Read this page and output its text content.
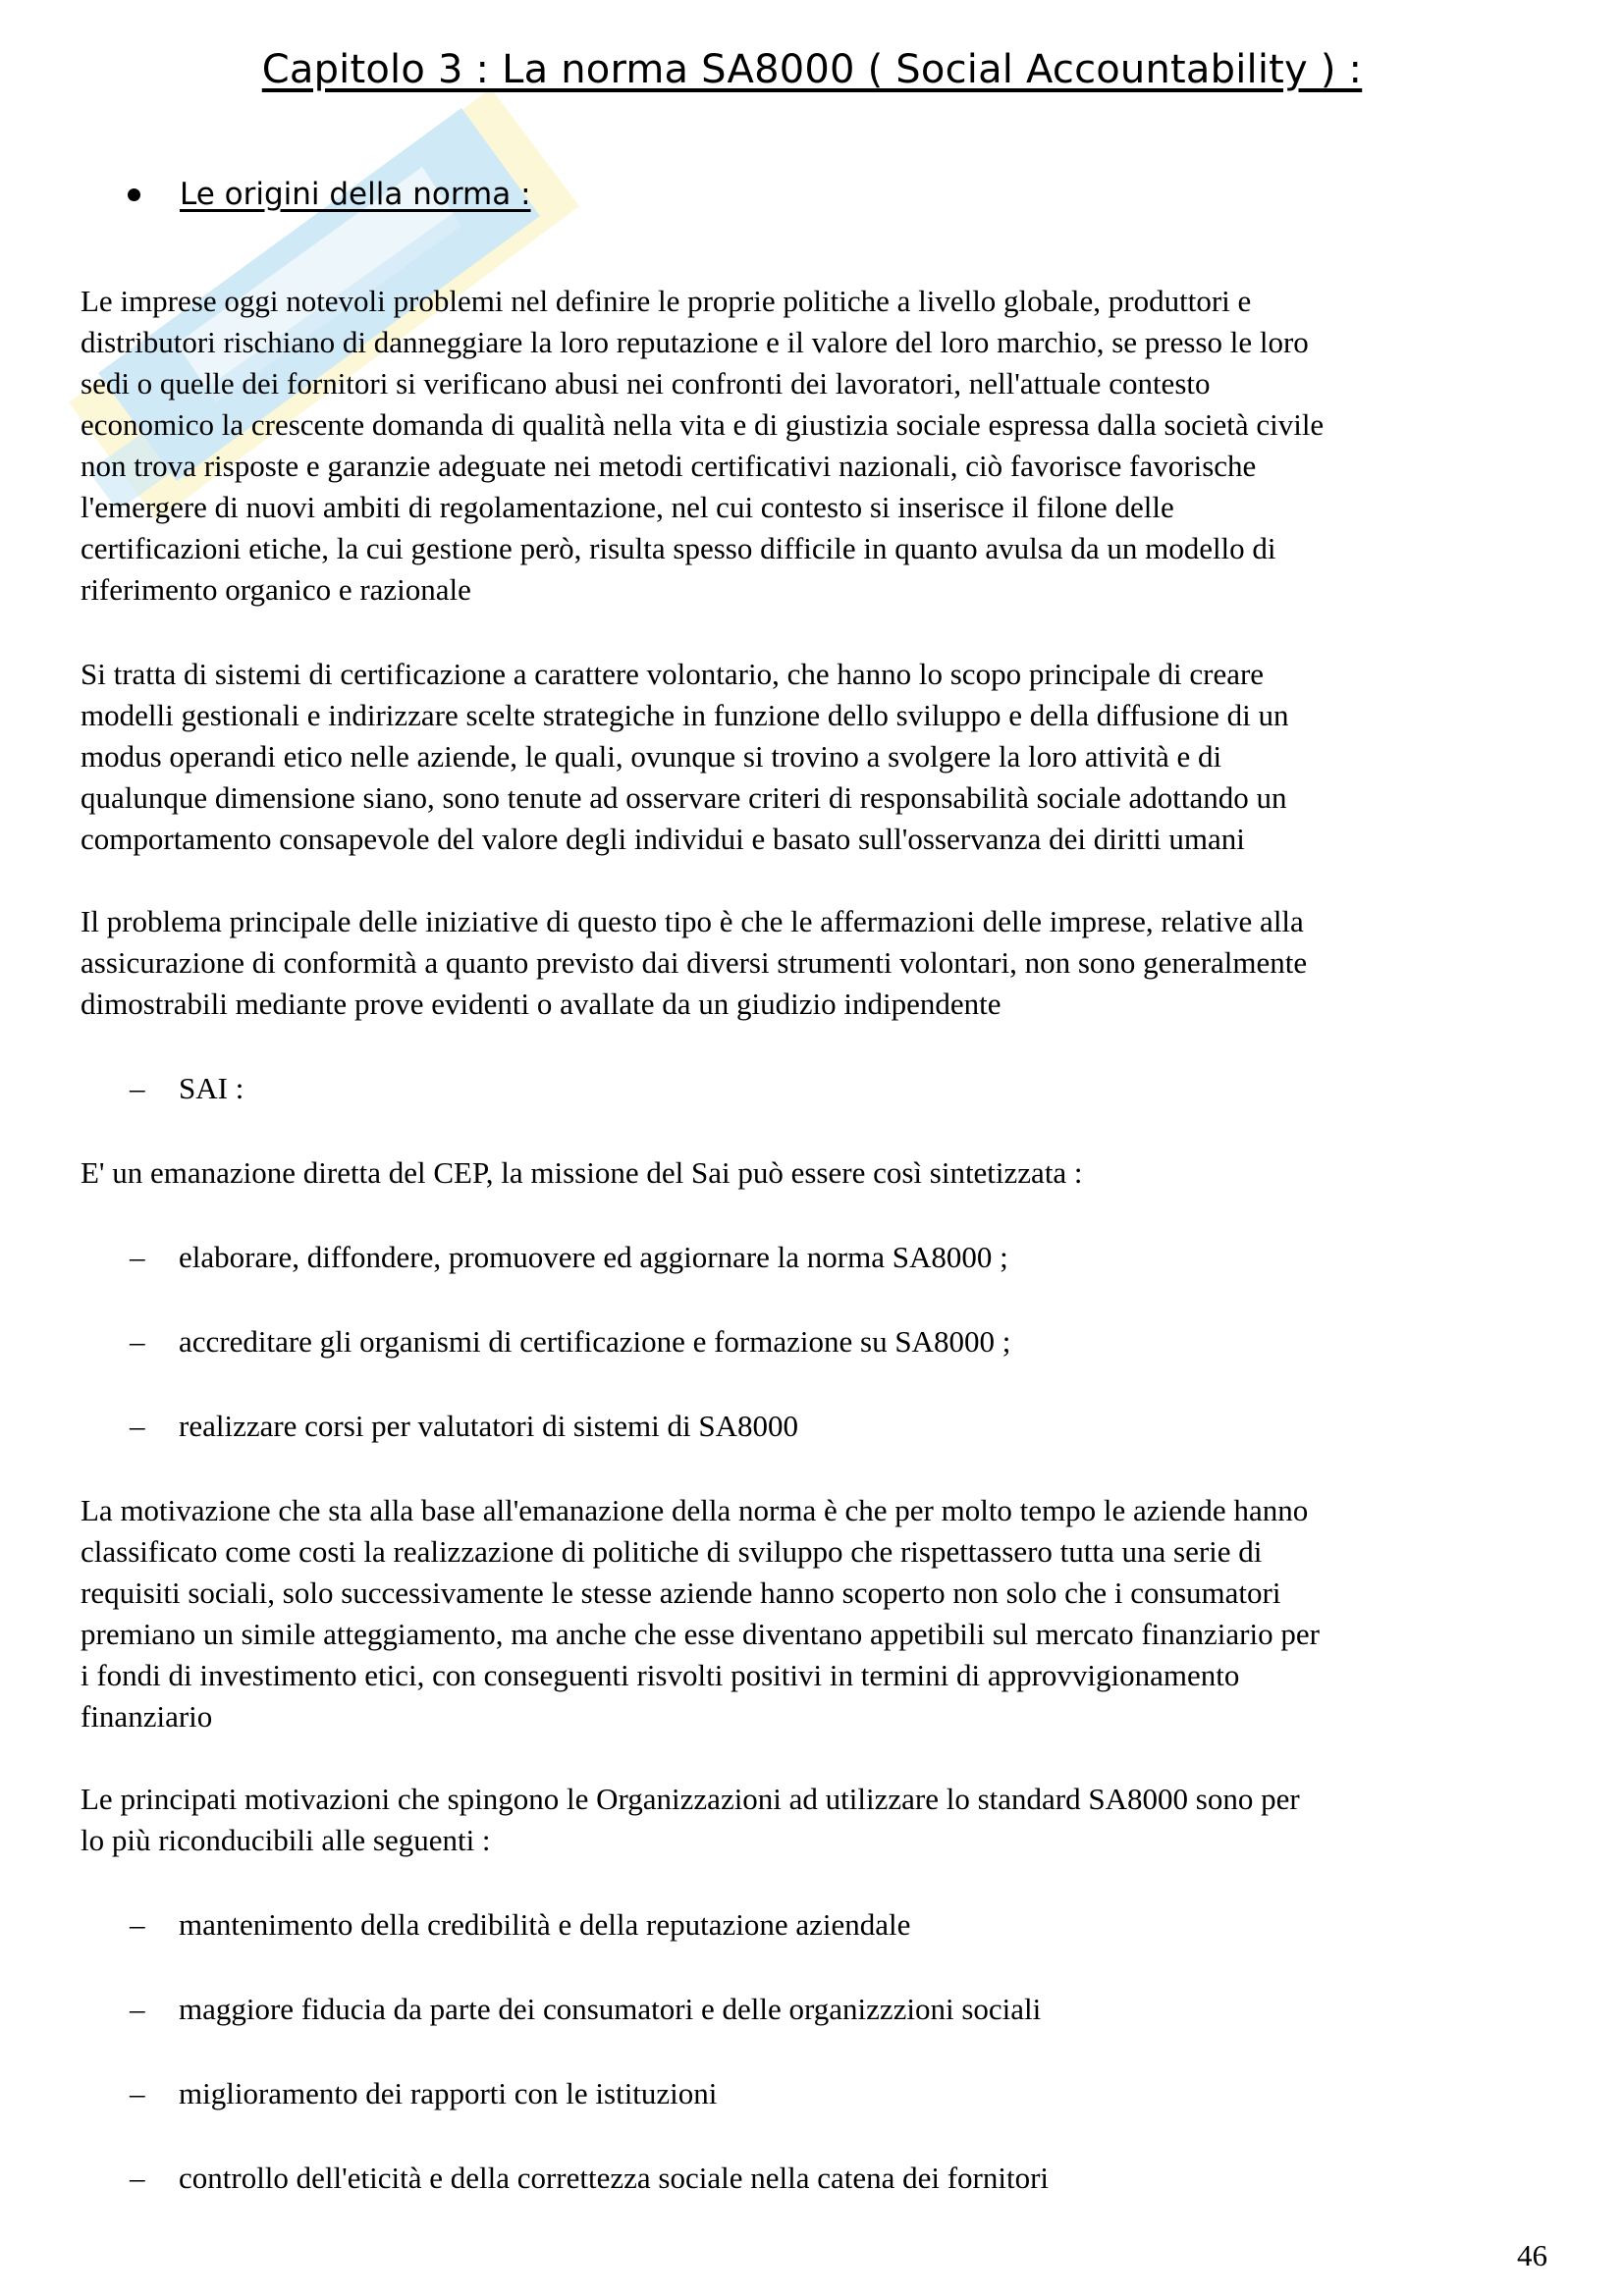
Capitolo 3 : La norma SA8000 ( Social Accountability ) :
Le origini della norma :
Le imprese oggi notevoli problemi nel definire le proprie politiche a livello globale, produttori e
distributori rischiano di danneggiare la loro reputazione e il valore del loro marchio, se presso le loro
sedi o quelle dei fornitori si verificano abusi nei confronti dei lavoratori, nell'attuale contesto
economico la crescente domanda di qualità nella vita e di giustizia sociale espressa dalla società civile
non trova risposte e garanzie adeguate nei metodi certificativi nazionali, ciò favorisce favorische
l'emergere di nuovi ambiti di regolamentazione, nel cui contesto si inserisce il filone delle
certificazioni etiche, la cui gestione però, risulta spesso difficile in quanto avulsa da un modello di
riferimento organico e razionale
Si tratta di sistemi di certificazione a carattere volontario, che hanno lo scopo principale di creare
modelli gestionali e indirizzare scelte strategiche in funzione dello sviluppo e della diffusione di un
modus operandi etico nelle aziende, le quali, ovunque si trovino a svolgere la loro attività e di
qualunque dimensione siano, sono tenute ad osservare criteri di responsabilità sociale adottando un
comportamento consapevole del valore degli individui e basato sull'osservanza dei diritti umani
Il problema principale delle iniziative di questo tipo è che le affermazioni delle imprese, relative alla
assicurazione di conformità a quanto previsto dai diversi strumenti volontari, non sono generalmente
dimostrabili mediante prove evidenti o avallate da un giudizio indipendente
–	SAI :
E' un emanazione diretta del CEP, la missione del Sai può essere così sintetizzata :
–	elaborare, diffondere, promuovere ed aggiornare la norma SA8000 ;
–	accreditare gli organismi di certificazione e formazione su SA8000 ;
–	realizzare corsi per valutatori di sistemi di SA8000
La motivazione che sta alla base all'emanazione della norma è che per molto tempo le aziende hanno
classificato come costi la realizzazione di politiche di sviluppo che rispettassero tutta una serie di
requisiti sociali, solo successivamente le stesse aziende hanno scoperto non solo che i consumatori
premiano un simile atteggiamento, ma anche che esse diventano appetibili sul mercato finanziario per
i fondi di investimento etici, con conseguenti risvolti positivi in termini di approvvigionamento
finanziario
Le principati motivazioni che spingono le Organizzazioni ad utilizzare lo standard SA8000 sono per
lo più riconducibili alle seguenti :
–	mantenimento della credibilità e della reputazione aziendale
–	maggiore fiducia da parte dei consumatori e delle organizzzioni sociali
–	miglioramento dei rapporti con le istituzioni
–	controllo dell'eticità e della correttezza sociale nella catena dei fornitori
46
